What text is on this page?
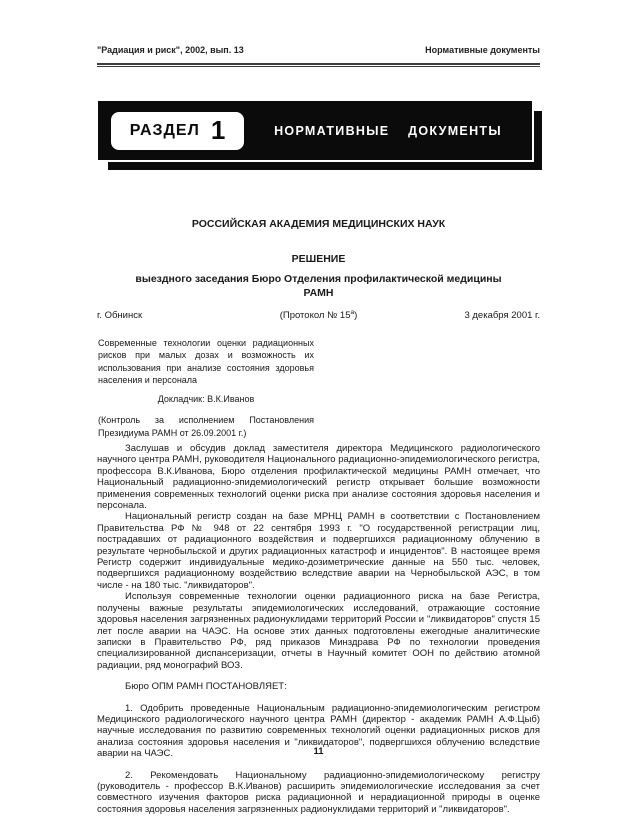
"Радиация и риск", 2002, вып. 13	Нормативные документы
РАЗДЕЛ 1	НОРМАТИВНЫЕ ДОКУМЕНТЫ
РОССИЙСКАЯ АКАДЕМИЯ МЕДИЦИНСКИХ НАУК
РЕШЕНИЕ
выездного заседания Бюро Отделения профилактической медицины РАМН
г. Обнинск	(Протокол № $15^а$)	3 декабря 2001 г.

Современные технологии оценки радиационных рисков при малых дозах и возможность их использования при анализе состояния здоровья населения и персонала

Докладчик: В.К.Иванов

(Контроль за исполнением Постановления Президиума РАМН от 26.09.2001 г.)

Заслушав и обсудив доклад заместителя директора Медицинского радиологического научного центра РАМН, руководителя Национального радиационно-эпидемиологического регистра, профессора В.К.Иванова, Бюро отделения профилактической медицины РАМН отмечает, что Национальный радиационно-эпидемиологический регистр открывает большие возможности применения современных технологий оценки риска при анализе состояния здоровья населения и персонала.

Национальный регистр создан на базе МРНЦ РАМН в соответствии с Постановлением Правительства РФ № 948 от 22 сентября 1993 г. "О государственной регистрации лиц, пострадавших от радиационного воздействия и подвергшихся радиационному облучению в результате чернобыльской и других радиационных катастроф и инцидентов". В настоящее время Регистр содержит индивидуальные медико-дозиметрические данные на 550 тыс. человек, подвергшихся радиационному воздействию вследствие аварии на Чернобыльской АЭС, в том числе - на 180 тыс. "ликвидаторов".

Используя современные технологии оценки радиационного риска на базе Регистра, получены важные результаты эпидемиологических исследований, отражающие состояние здоровья населения загрязненных радионуклидами территорий России и "ликвидаторов" спустя 15 лет после аварии на ЧАЭС. На основе этих данных подготовлены ежегодные аналитические записки в Правительство РФ, ряд приказов Минздрава РФ по технологии проведения специализированной диспансеризации, отчеты в Научный комитет ООН по действию атомной радиации, ряд монографий ВОЗ.

Бюро ОПМ РАМН ПОСТАНОВЛЯЕТ:

1. Одобрить проведенные Национальным радиационно-эпидемиологическим регистром Медицинского радиологического научного центра РАМН (директор - академик РАМН А.Ф.Цыб) научные исследования по развитию современных технологий оценки радиационных рисков для анализа состояния здоровья населения и "ликвидаторов", подвергшихся облучению вследствие аварии на ЧАЭС.

2. Рекомендовать Национальному радиационно-эпидемиологическому регистру (руководитель - профессор В.К.Иванов) расширить эпидемиологические исследования за счет совместного изучения факторов риска радиационной и нерадиационной природы в оценке состояния здоровья населения загрязненных радионуклидами территорий и "ликвидаторов".

11
